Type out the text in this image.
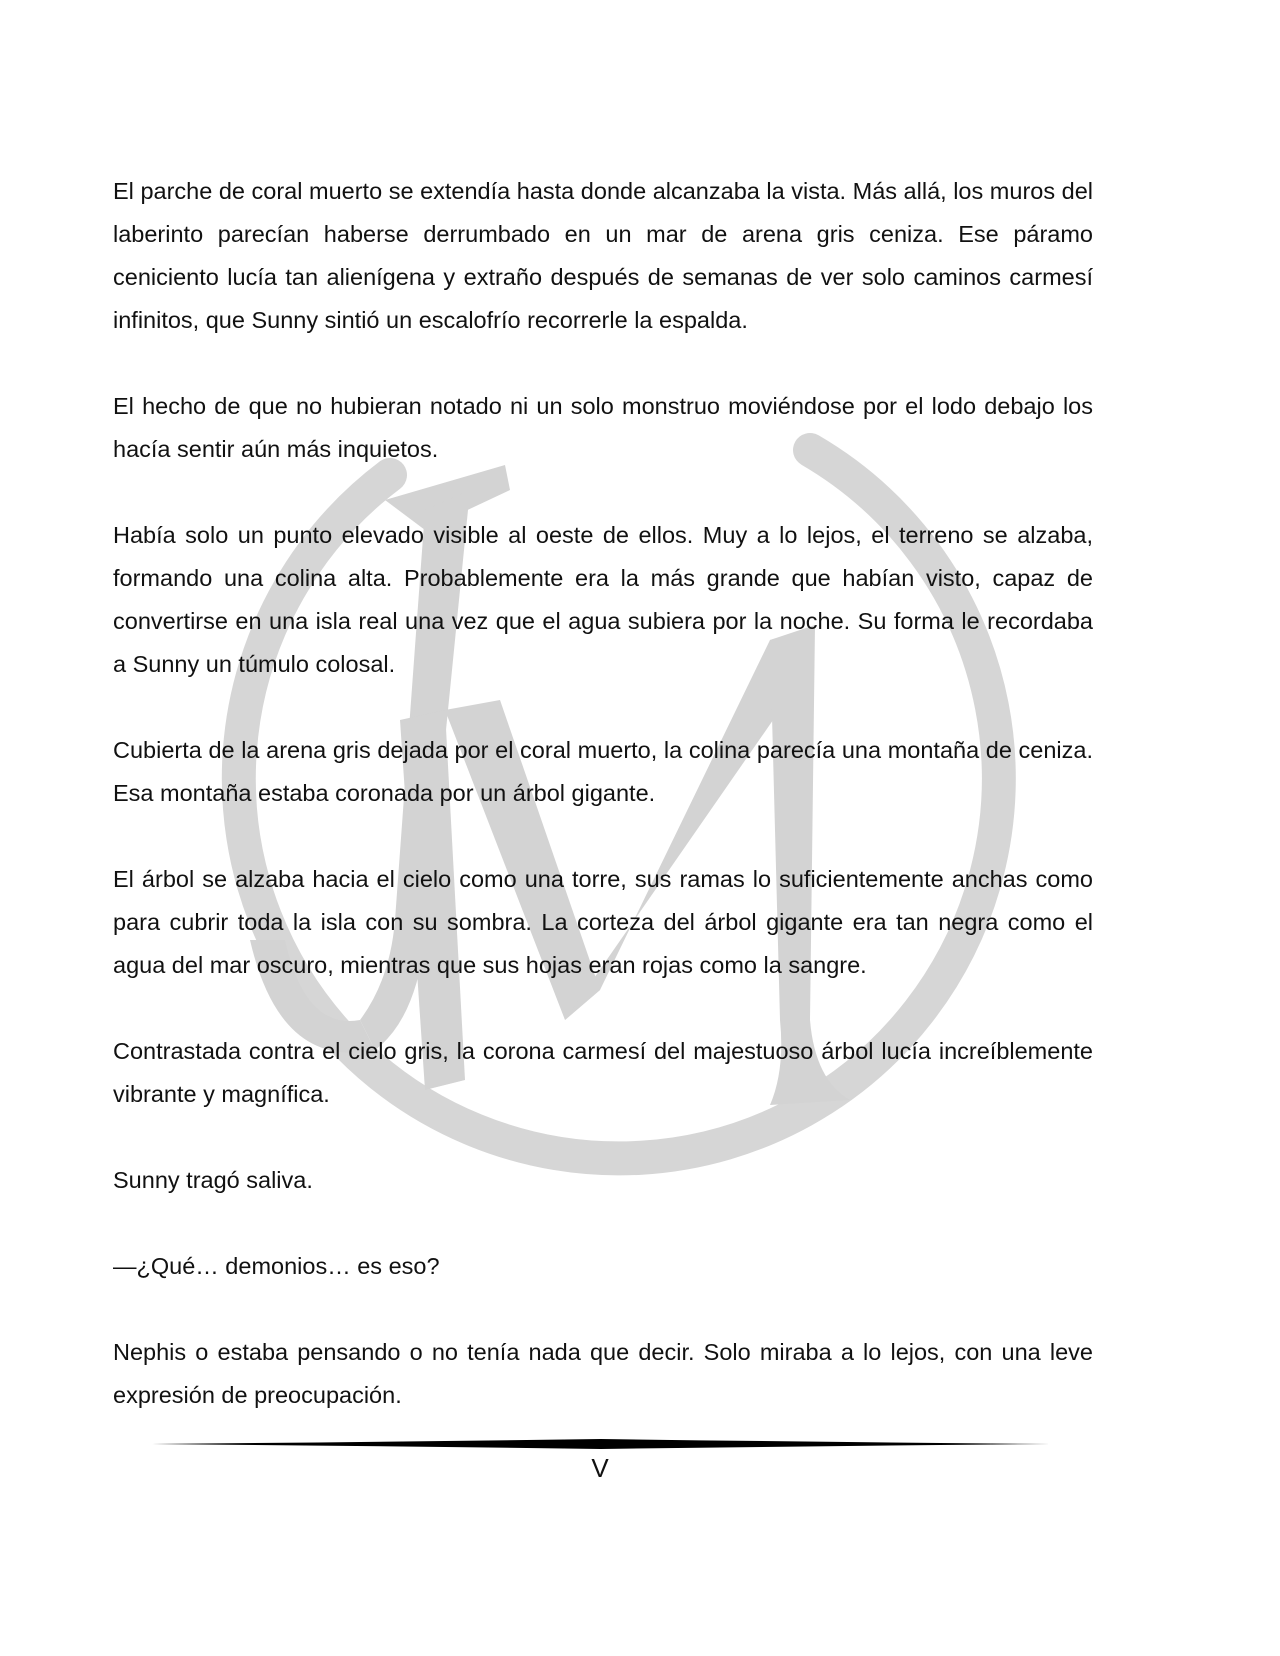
El parche de coral muerto se extendía hasta donde alcanzaba la vista. Más allá, los muros del laberinto parecían haberse derrumbado en un mar de arena gris ceniza. Ese páramo ceniciento lucía tan alienígena y extraño después de semanas de ver solo caminos carmesí infinitos, que Sunny sintió un escalofrío recorrerle la espalda.

El hecho de que no hubieran notado ni un solo monstruo moviéndose por el lodo debajo los hacía sentir aún más inquietos.

Había solo un punto elevado visible al oeste de ellos. Muy a lo lejos, el terreno se alzaba, formando una colina alta. Probablemente era la más grande que habían visto, capaz de convertirse en una isla real una vez que el agua subiera por la noche. Su forma le recordaba a Sunny un túmulo colosal.

Cubierta de la arena gris dejada por el coral muerto, la colina parecía una montaña de ceniza. Esa montaña estaba coronada por un árbol gigante.

El árbol se alzaba hacia el cielo como una torre, sus ramas lo suficientemente anchas como para cubrir toda la isla con su sombra. La corteza del árbol gigante era tan negra como el agua del mar oscuro, mientras que sus hojas eran rojas como la sangre.

Contrastada contra el cielo gris, la corona carmesí del majestuoso árbol lucía increíblemente vibrante y magnífica.

Sunny tragó saliva.

—¿Qué… demonios… es eso?

Nephis o estaba pensando o no tenía nada que decir. Solo miraba a lo lejos, con una leve expresión de preocupación.

V
